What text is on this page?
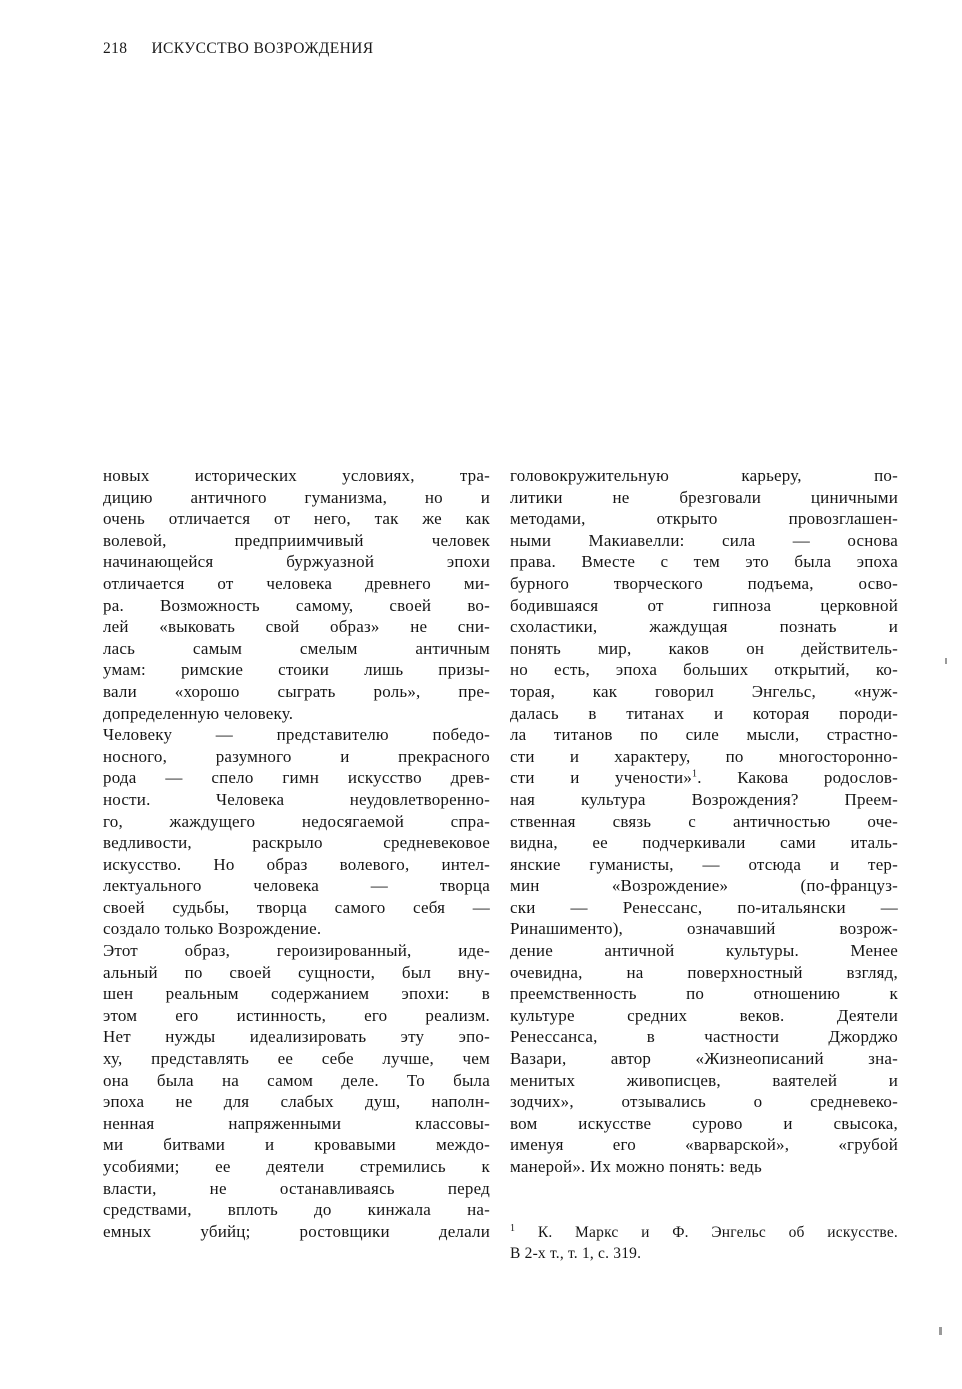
218 ИСКУССТВО ВОЗРОЖДЕНИЯ
новых исторических условиях, тра-
дицию античного гуманизма, но и
очень отличается от него, так же как
волевой, предприимчивый человек
начинающейся буржуазной эпохи
отличается от человека древнего ми-
ра. Возможность самому, своей во-
лей «выковать свой образ» не сни-
лась самым смелым античным
умам: римские стоики лишь призы-
вали «хорошо сыграть роль», пре-
допределенную человеку.
Человеку — представителю победо-
носного, разумного и прекрасного
рода — спело гимн искусство древ-
ности. Человека неудовлетворенно-
го, жаждущего недосягаемой спра-
ведливости, раскрыло средневековое
искусство. Но образ волевого, интел-
лектуального человека — творца
своей судьбы, творца самого себя —
создало только Возрождение.
Этот образ, героизированный, иде-
альный по своей сущности, был вну-
шен реальным содержанием эпохи: в
этом его истинность, его реализм.
Нет нужды идеализировать эту эпо-
ху, представлять ее себе лучше, чем
она была на самом деле. То была
эпоха не для слабых душ, наполн-
ненная напряженными классовы-
ми битвами и кровавыми междо-
усобиями; ее деятели стремились к
власти, не останавливаясь перед
средствами, вплоть до кинжала на-
емных убийц; ростовщики делали
головокружительную карьеру, по-
литики не брезговали циничными
методами, открыто провозглашен-
ными Макиавелли: сила — основа
права. Вместе с тем это была эпоха
бурного творческого подъема, осво-
бодившаяся от гипноза церковной
схоластики, жаждущая познать и
понять мир, каков он действитель-
но есть, эпоха больших открытий, ко-
торая, как говорил Энгельс, «нуж-
далась в титанах и которая породи-
ла титанов по силе мысли, страстно-
сти и характеру, по многосторонно-
сти и учености»$^1$. Какова родослов-
ная культура Возрождения? Преем-
ственная связь с античностью оче-
видна, ее подчеркивали сами италь-
янские гуманисты, — отсюда и тер-
мин «Возрождение» (по-француз-
ски — Ренессанс, по-итальянски —
Ринашименто), означавший возрож-
дение античной культуры. Менее
очевидна, на поверхностный взгляд,
преемственность по отношению к
культуре средних веков. Деятели
Ренессанса, в частности Джорджо
Вазари, автор «Жизнеописаний зна-
менитых живописцев, ваятелей и
зодчих», отзывались о средневеко-
вом искусстве сурово и свысока,
именуя его «варварской», «грубой
манерой». Их можно понять: ведь
$^1$ К. Маркс и Ф. Энгельс об искусстве.
В 2-х т., т. 1, с. 319.
